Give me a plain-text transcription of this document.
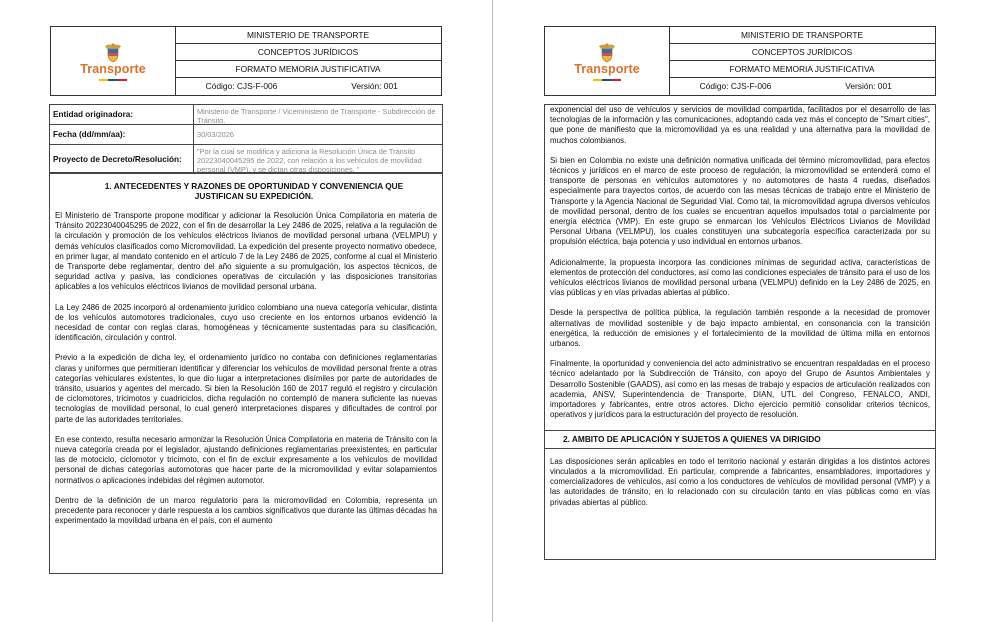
Transporte
MINISTERIO DE TRANSPORTE
CONCEPTOS JURÍDICOS
FORMATO MEMORIA JUSTIFICATIVA
Código: CJS-F-006	Versión: 001
Entidad originadora:	Ministerio de Transporte / Viceministerio de Transporte - Subdirección de Tránsito.
Fecha (dd/mm/aa):	30/03/2026
Proyecto de Decreto/Resolución:
"Por la cual se modifica y adiciona la Resolución Única de Tránsito 20223040045295 de 2022, con relación a los vehículos de movilidad personal (VMP), y se dictan otras disposiciones. "
1. ANTECEDENTES Y RAZONES DE OPORTUNIDAD Y CONVENIENCIA QUE JUSTIFICAN SU EXPEDICIÓN.

El Ministerio de Transporte propone modificar y adicionar la Resolución Única Compilatoria en materia de Tránsito 20223040045295 de 2022, con el fin de desarrollar la Ley 2486 de 2025, relativa a la regulación de la circulación y promoción de los vehículos eléctricos livianos de movilidad personal urbana (VELMPU) y demás vehículos clasificados como Micromovilidad. La expedición del presente proyecto normativo obedece, en primer lugar, al mandato contenido en el artículo 7 de la Ley 2486 de 2025, conforme al cual el Ministerio de Transporte debe reglamentar, dentro del año siguiente a su promulgación, los aspectos técnicos, de seguridad activa y pasiva, las condiciones operativas de circulación y las disposiciones transitorias aplicables a los vehículos eléctricos livianos de movilidad personal urbana.

La Ley 2486 de 2025 incorporó al ordenamiento jurídico colombiano una nueva categoría vehicular, distinta de los vehículos automotores tradicionales, cuyo uso creciente en los entornos urbanos evidenció la necesidad de contar con reglas claras, homogéneas y técnicamente sustentadas para su clasificación, identificación, circulación y control.

Previo a la expedición de dicha ley, el ordenamiento jurídico no contaba con definiciones reglamentarias claras y uniformes que permitieran identificar y diferenciar los vehículos de movilidad personal frente a otras categorías vehiculares existentes, lo que dio lugar a interpretaciones disímiles por parte de autoridades de tránsito, usuarios y agentes del mercado. Si bien la Resolución 160 de 2017 reguló el registro y circulación de ciclomotores, tricimotos y cuadriciclos, dicha regulación no contempló de manera suficiente las nuevas tecnologías de movilidad personal, lo cual generó interpretaciones dispares y dificultades de control por parte de las autoridades territoriales.

En ese contexto, resulta necesario armonizar la Resolución Única Compilatoria en materia de Tránsito con la nueva categoría creada por el legislador, ajustando definiciones reglamentarias preexistentes, en particular las de motociclo, ciclomotor y tricimoto, con el fin de excluir expresamente a los vehículos de movilidad personal de dichas categorías automotoras que hacer parte de la micromovilidad y evitar solapamientos normativos o aplicaciones indebidas del régimen automotor.

Dentro de la definición de un marco regulatorio para la micromovilidad en Colombia, representa un precedente para reconocer y darle respuesta a los cambios significativos que durante las últimas décadas ha experimentado la movilidad urbana en el país, con el aumento

Transporte
MINISTERIO DE TRANSPORTE
CONCEPTOS JURÍDICOS
FORMATO MEMORIA JUSTIFICATIVA
Código: CJS-F-006	Versión: 001

exponencial del uso de vehículos y servicios de movilidad compartida, facilitados por el desarrollo de las tecnologías de la información y las comunicaciones, adoptando cada vez más el concepto de "Smart cities", que pone de manifiesto que la micromovilidad ya es una realidad y una alternativa para la movilidad de muchos colombianos.

Si bien en Colombia no existe una definición normativa unificada del término micromovilidad, para efectos técnicos y jurídicos en el marco de este proceso de regulación, la micromovilidad se entenderá como el transporte de personas en vehículos automotores y no automotores de hasta 4 ruedas, diseñados especialmente para trayectos cortos, de acuerdo con las mesas técnicas de trabajo entre el Ministerio de Transporte y la Agencia Nacional de Seguridad Vial. Como tal, la micromovilidad agrupa diversos vehículos de movilidad personal, dentro de los cuales se encuentran aquellos impulsados total o parcialmente por energía eléctrica (VMP). En este grupo se enmarcan los Vehículos Eléctricos Livianos de Movilidad Personal Urbana (VELMPU), los cuales constituyen una subcategoría específica caracterizada por su propulsión eléctrica, baja potencia y uso individual en entornos urbanos.

Adicionalmente, la propuesta incorpora las condiciones mínimas de seguridad activa, características de elementos de protección del conductores, así como las condiciones especiales de tránsito para el uso de los vehículos eléctricos livianos de movilidad personal urbana (VELMPU) definido en la Ley 2486 de 2025, en vías públicas y en vías privadas abiertas al público.

Desde la perspectiva de política pública, la regulación también responde a la necesidad de promover alternativas de movilidad sostenible y de bajo impacto ambiental, en consonancia con la transición energética, la reducción de emisiones y el fortalecimiento de la movilidad de última milla en entornos urbanos.

Finalmente, la oportunidad y conveniencia del acto administrativo se encuentran respaldadas en el proceso técnico adelantado por la Subdirección de Tránsito, con apoyo del Grupo de Asuntos Ambientales y Desarrollo Sostenible (GAADS), así como en las mesas de trabajo y espacios de articulación realizados con academia, ANSV, Superintendencia de Transporte, DIAN, UTL del Congreso, FENALCO, ANDI, importadores y fabricantes, entre otros actores. Dicho ejercicio permitió consolidar criterios técnicos, operativos y jurídicos para la estructuración del proyecto de resolución.

2. AMBITO DE APLICACIÓN Y SUJETOS A QUIENES VA DIRIGIDO

Las disposiciones serán aplicables en todo el territorio nacional y estarán dirigidas a los distintos actores vinculados a la micromovilidad. En particular, comprende a fabricantes, ensambladores, importadores y comercializadores de vehículos, así como a los conductores de vehículos de movilidad personal (VMP) y a las autoridades de tránsito, en lo relacionado con su circulación tanto en vías públicas como en vías privadas abiertas al público.
